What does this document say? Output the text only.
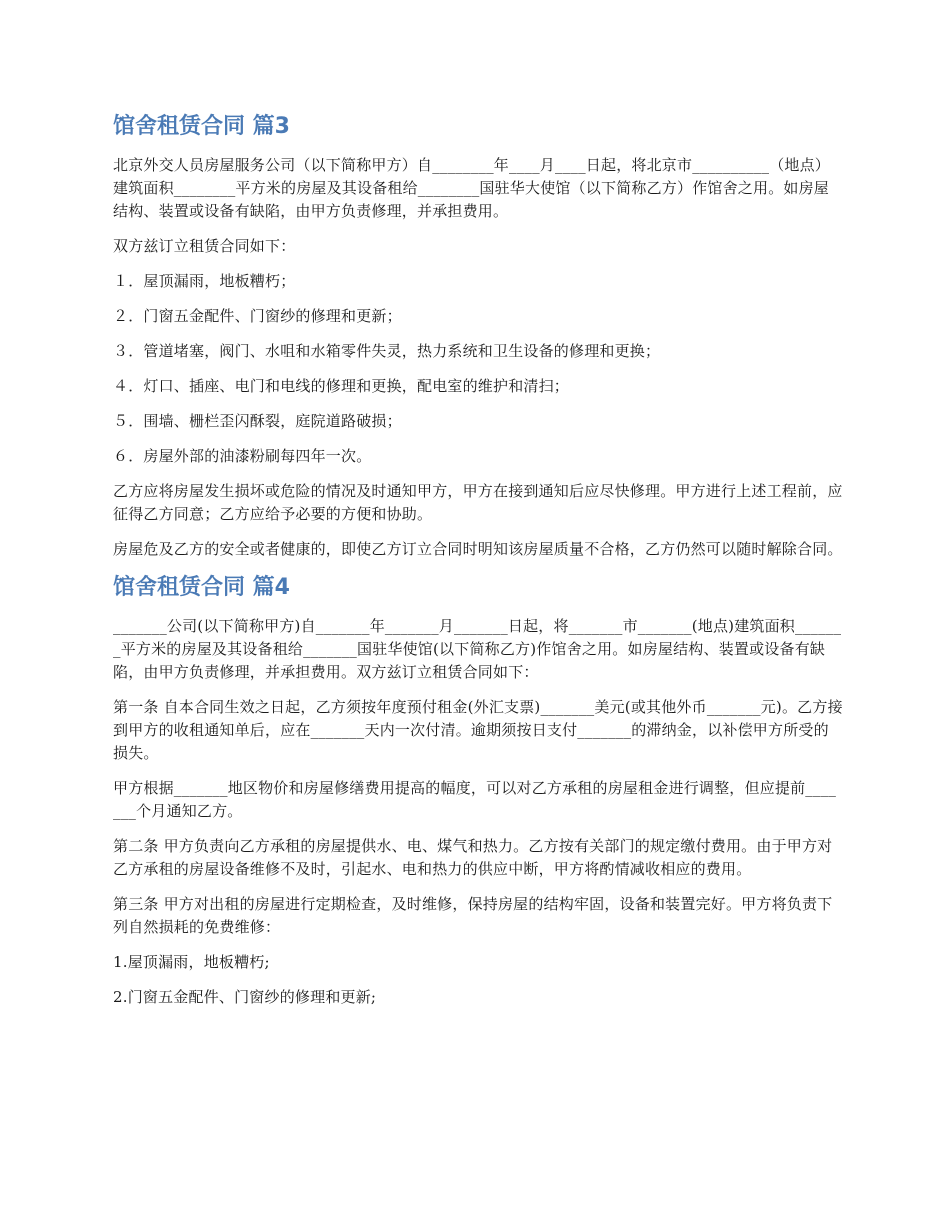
馆舍租赁合同 篇3

北京外交人员房屋服务公司（以下简称甲方）自________年____月____日起，将北京市__________（地点）建筑面积________平方米的房屋及其设备租给________国驻华大使馆（以下简称乙方）作馆舍之用。如房屋结构、装置或设备有缺陷，由甲方负责修理，并承担费用。

双方兹订立租赁合同如下：

１．屋顶漏雨，地板糟朽；

２．门窗五金配件、门窗纱的修理和更新；

３．管道堵塞，阀门、水咀和水箱零件失灵，热力系统和卫生设备的修理和更换；

４．灯口、插座、电门和电线的修理和更换，配电室的维护和清扫；

５．围墙、栅栏歪闪酥裂，庭院道路破损；

６．房屋外部的油漆粉刷每四年一次。

乙方应将房屋发生损坏或危险的情况及时通知甲方，甲方在接到通知后应尽快修理。甲方进行上述工程前，应征得乙方同意；乙方应给予必要的方便和协助。

房屋危及乙方的安全或者健康的，即使乙方订立合同时明知该房屋质量不合格，乙方仍然可以随时解除合同。

馆舍租赁合同 篇4

_______公司(以下简称甲方)自_______年_______月_______日起，将_______市_______(地点)建筑面积_______平方米的房屋及其设备租给_______国驻华使馆(以下简称乙方)作馆舍之用。如房屋结构、装置或设备有缺陷，由甲方负责修理，并承担费用。双方兹订立租赁合同如下：

第一条 自本合同生效之日起，乙方须按年度预付租金(外汇支票)_______美元(或其他外币_______元)。乙方接到甲方的收租通知单后，应在_______天内一次付清。逾期须按日支付_______的滞纳金，以补偿甲方所受的损失。

甲方根据_______地区物价和房屋修缮费用提高的幅度，可以对乙方承租的房屋租金进行调整，但应提前_______个月通知乙方。

第二条 甲方负责向乙方承租的房屋提供水、电、煤气和热力。乙方按有关部门的规定缴付费用。由于甲方对乙方承租的房屋设备维修不及时，引起水、电和热力的供应中断，甲方将酌情减收相应的费用。

第三条 甲方对出租的房屋进行定期检查，及时维修，保持房屋的结构牢固，设备和装置完好。甲方将负责下列自然损耗的免费维修：

1.屋顶漏雨，地板糟朽;

2.门窗五金配件、门窗纱的修理和更新;
